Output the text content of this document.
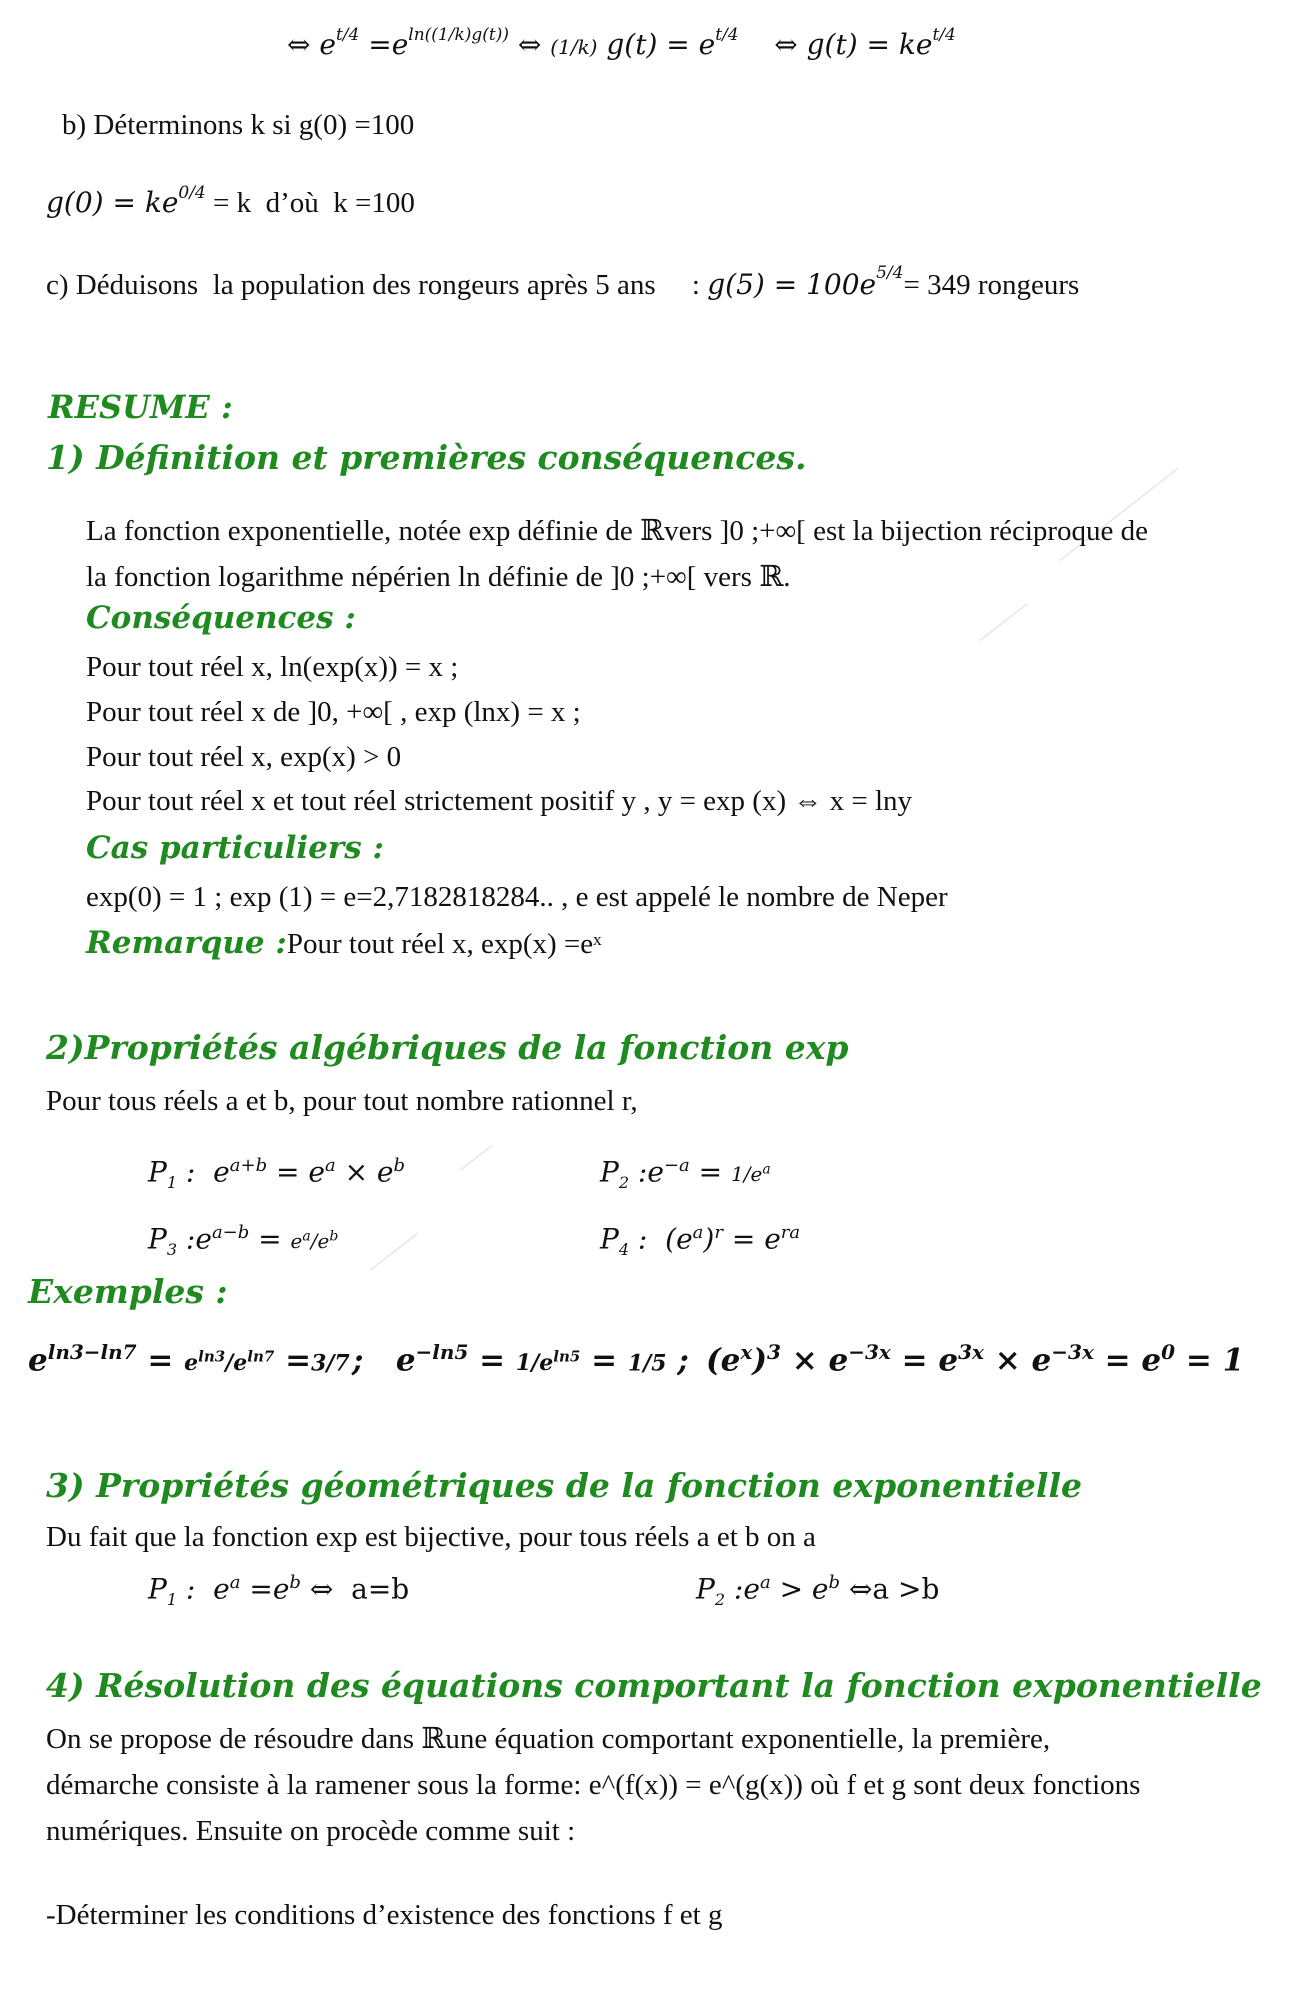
⇔ $e^{t/4} =e^{ln((1/k)g(t))}$ ⇔ (1/k) $g(t) = e^{t/4}$ ⇔ $g(t) = ke^{t/4}$
b) Déterminons k si g(0) =100
$g(0) = ke^{0/4} = k$  d’où  k =100
c) Déduisons  la population des rongeurs après 5 ans     : $g(5) = 100e^{5/4}= 349$ rongeurs
RESUME :
1) Définition et premières conséquences.
La fonction exponentielle, notée exp définie de ℝvers ]0 ;+∞[ est la bijection réciproque de
la fonction logarithme népérien ln définie de ]0 ;+∞[ vers ℝ.
Conséquences :
Pour tout réel x, ln(exp(x)) = x ;
Pour tout réel x de ]0, +∞[ , exp (lnx) = x ;
Pour tout réel x, exp(x) > 0
Pour tout réel x et tout réel strictement positif y , y = exp (x) ⇔ x = lny
Cas particuliers :
exp(0) = 1 ; exp (1) = e=2,7182818284.. , e est appelé le nombre de Neper
Remarque :Pour tout réel x, exp(x) =eˣ
2)Propriétés algébriques de la fonction exp
Pour tous réels a et b, pour tout nombre rationnel r,
$P_1$ :  $e^{a+b} = e^a \times e^b$	$P_2$ $:e^{-a} = 1/e^a$
$P_3$ $:e^{a-b} = e^a/e^b$	$P_4$ :  $(e^a)^r = e^{ra}$
Exemples :
$e^{ln3-ln7} = e^{ln3}/e^{ln7} =3/7$ ;   $e^{-ln5} = 1/e^{ln5} = 1/5$ ; $(e^x)^3 \times e^{-3x} = e^{3x} \times e^{-3x} = e^0 = 1$
3) Propriétés géométriques de la fonction exponentielle
Du fait que la fonction exp est bijective, pour tous réels a et b on a
$P_1$ :  $e^a =e^b$ ⇔ a=b	$P_2$ $:e^a > e^b$ ⇔a >b
4) Résolution des équations comportant la fonction exponentielle
On se propose de résoudre dans ℝune équation comportant exponentielle, la première,
démarche consiste à la ramener sous la forme: e^(f(x)) = e^(g(x)) où f et g sont deux fonctions
numériques. Ensuite on procède comme suit :
-Déterminer les conditions d’existence des fonctions f et g
